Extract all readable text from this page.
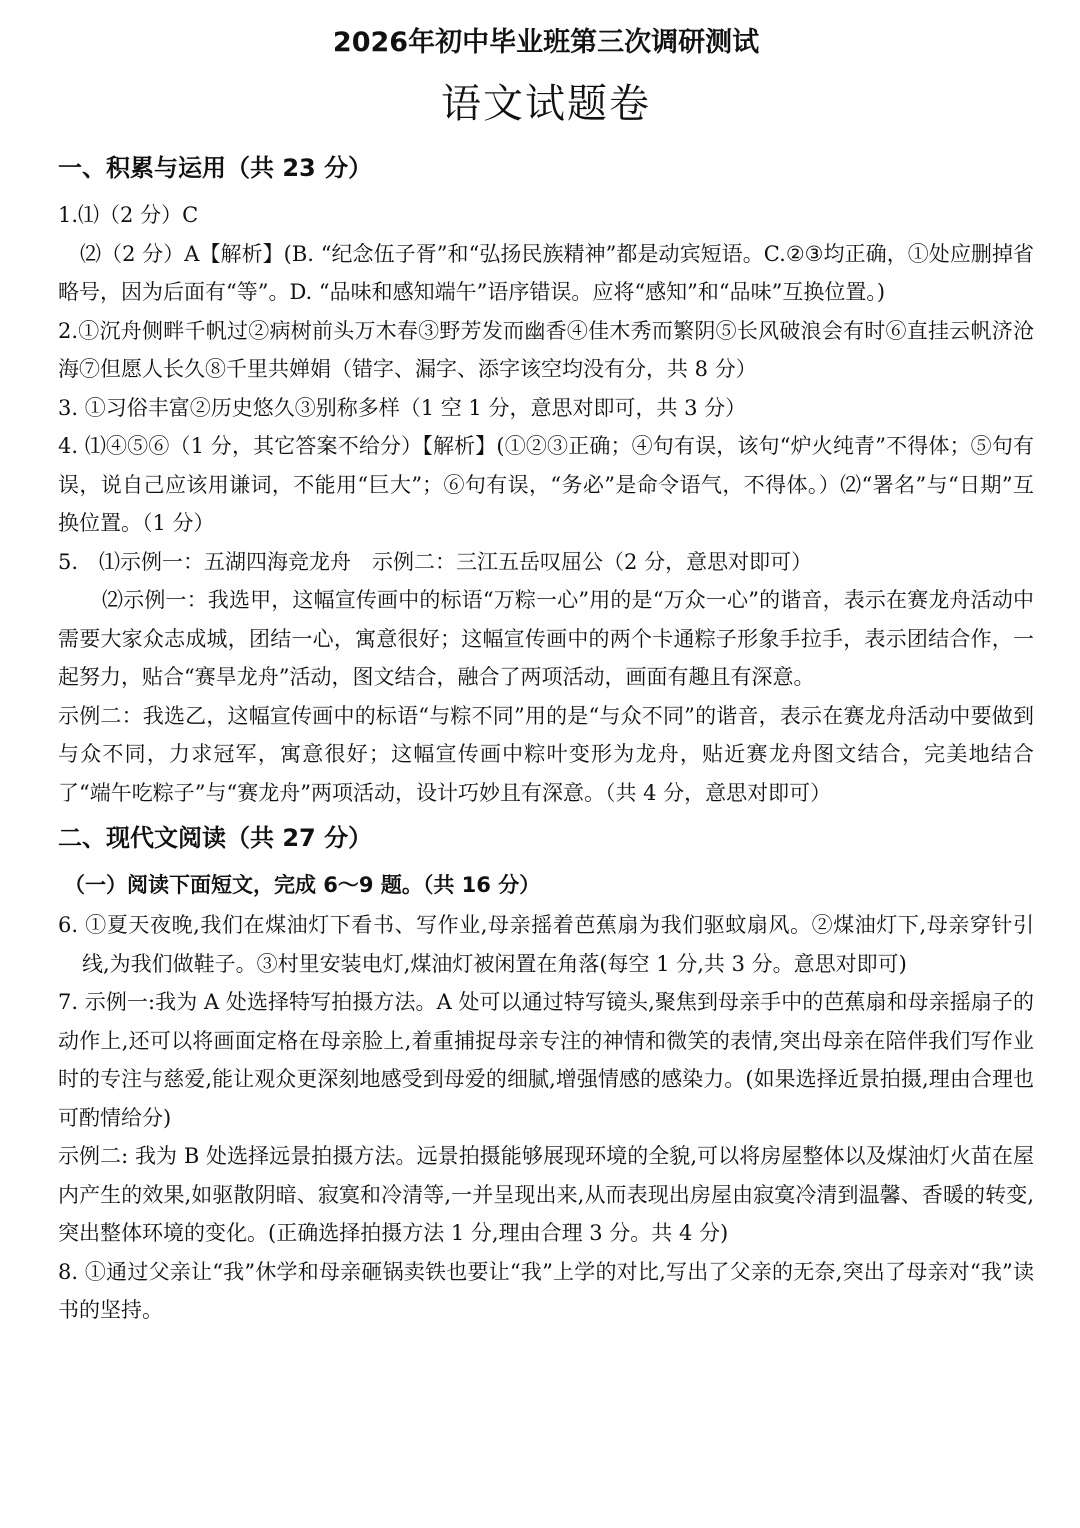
2026年初中毕业班第三次调研测试
语文试题卷
一、积累与运用（共 23 分）

1.⑴（2 分）C

⑵（2 分）A【解析】(B. “纪念伍子胥”和“弘扬民族精神”都是动宾短语。C.②③均正确，①处应删掉省略号，因为后面有“等”。D. “品味和感知端午”语序错误。应将“感知”和“品味”互换位置。)

2.①沉舟侧畔千帆过②病树前头万木春③野芳发而幽香④佳木秀而繁阴⑤长风破浪会有时⑥直挂云帆济沧海⑦但愿人长久⑧千里共婵娟（错字、漏字、添字该空均没有分，共 8 分）

3. ①习俗丰富②历史悠久③别称多样（1 空 1 分，意思对即可，共 3 分）

4. ⑴④⑤⑥（1 分，其它答案不给分）【解析】(①②③正确；④句有误，该句“炉火纯青”不得体；⑤句有误，说自己应该用谦词，不能用“巨大”；⑥句有误，“务必”是命令语气，不得体。）⑵“署名”与“日期”互换位置。（1 分）

5.　⑴示例一：五湖四海竞龙舟　示例二：三江五岳叹屈公（2 分，意思对即可）

⑵示例一：我选甲，这幅宣传画中的标语“万粽一心”用的是“万众一心”的谐音，表示在赛龙舟活动中需要大家众志成城，团结一心，寓意很好；这幅宣传画中的两个卡通粽子形象手拉手，表示团结合作，一起努力，贴合“赛旱龙舟”活动，图文结合，融合了两项活动，画面有趣且有深意。

示例二：我选乙，这幅宣传画中的标语“与粽不同”用的是“与众不同”的谐音，表示在赛龙舟活动中要做到与众不同，力求冠军，寓意很好；这幅宣传画中粽叶变形为龙舟，贴近赛龙舟图文结合，完美地结合了“端午吃粽子”与“赛龙舟”两项活动，设计巧妙且有深意。（共 4 分，意思对即可）

二、现代文阅读（共 27 分）
（一）阅读下面短文，完成 6～9 题。（共 16 分）

6. ①夏天夜晚,我们在煤油灯下看书、写作业,母亲摇着芭蕉扇为我们驱蚊扇风。②煤油灯下,母亲穿针引线,为我们做鞋子。③村里安装电灯,煤油灯被闲置在角落(每空 1 分,共 3 分。意思对即可)

7. 示例一:我为 A 处选择特写拍摄方法。A 处可以通过特写镜头,聚焦到母亲手中的芭蕉扇和母亲摇扇子的动作上,还可以将画面定格在母亲脸上,着重捕捉母亲专注的神情和微笑的表情,突出母亲在陪伴我们写作业时的专注与慈爱,能让观众更深刻地感受到母爱的细腻,增强情感的感染力。(如果选择近景拍摄,理由合理也可酌情给分)

示例二: 我为 B 处选择远景拍摄方法。远景拍摄能够展现环境的全貌,可以将房屋整体以及煤油灯火苗在屋内产生的效果,如驱散阴暗、寂寞和冷清等,一并呈现出来,从而表现出房屋由寂寞冷清到温馨、香暖的转变,突出整体环境的变化。(正确选择拍摄方法 1 分,理由合理 3 分。共 4 分)

8. ①通过父亲让“我”休学和母亲砸锅卖铁也要让“我”上学的对比,写出了父亲的无奈,突出了母亲对“我”读书的坚持。
